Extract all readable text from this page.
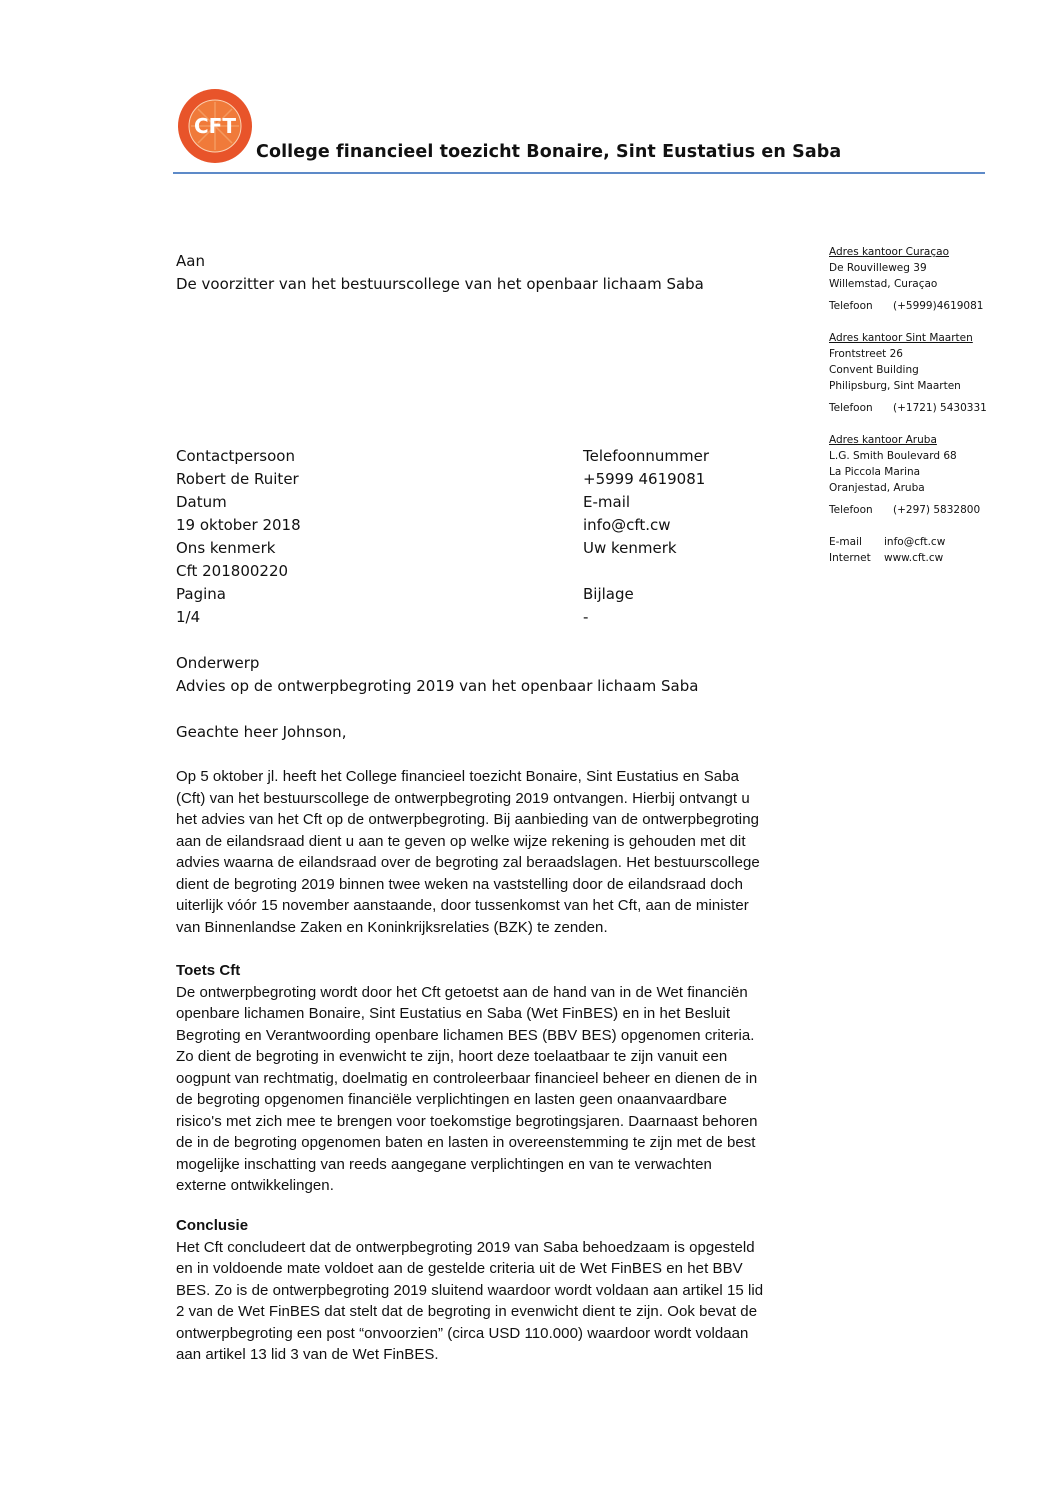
CFT
College financieel toezicht Bonaire, Sint Eustatius en Saba
Aan
De voorzitter van het bestuurscollege van het openbaar lichaam Saba
Contactpersoon
Robert de Ruiter
Datum
19 oktober 2018
Ons kenmerk
Cft 201800220
Pagina
1/4
Telefoonnummer
+5999 4619081
E-mail
info@cft.cw
Uw kenmerk
Bijlage
-
Onderwerp
Advies op de ontwerpbegroting 2019 van het openbaar lichaam Saba
Geachte heer Johnson,
Op 5 oktober jl. heeft het College financieel toezicht Bonaire, Sint Eustatius en Saba
(Cft) van het bestuurscollege de ontwerpbegroting 2019 ontvangen. Hierbij ontvangt u
het advies van het Cft op de ontwerpbegroting. Bij aanbieding van de ontwerpbegroting
aan de eilandsraad dient u aan te geven op welke wijze rekening is gehouden met dit
advies waarna de eilandsraad over de begroting zal beraadslagen. Het bestuurscollege
dient de begroting 2019 binnen twee weken na vaststelling door de eilandsraad doch
uiterlijk vóór 15 november aanstaande, door tussenkomst van het Cft, aan de minister
van Binnenlandse Zaken en Koninkrijksrelaties (BZK) te zenden.
Toets Cft
De ontwerpbegroting wordt door het Cft getoetst aan de hand van in de Wet financiën
openbare lichamen Bonaire, Sint Eustatius en Saba (Wet FinBES) en in het Besluit
Begroting en Verantwoording openbare lichamen BES (BBV BES) opgenomen criteria.
Zo dient de begroting in evenwicht te zijn, hoort deze toelaatbaar te zijn vanuit een
oogpunt van rechtmatig, doelmatig en controleerbaar financieel beheer en dienen de in
de begroting opgenomen financiële verplichtingen en lasten geen onaanvaardbare
risico's met zich mee te brengen voor toekomstige begrotingsjaren. Daarnaast behoren
de in de begroting opgenomen baten en lasten in overeenstemming te zijn met de best
mogelijke inschatting van reeds aangegane verplichtingen en van te verwachten
externe ontwikkelingen.
Conclusie
Het Cft concludeert dat de ontwerpbegroting 2019 van Saba behoedzaam is opgesteld
en in voldoende mate voldoet aan de gestelde criteria uit de Wet FinBES en het BBV
BES. Zo is de ontwerpbegroting 2019 sluitend waardoor wordt voldaan aan artikel 15 lid
2 van de Wet FinBES dat stelt dat de begroting in evenwicht dient te zijn. Ook bevat de
ontwerpbegroting een post “onvoorzien” (circa USD 110.000) waardoor wordt voldaan
aan artikel 13 lid 3 van de Wet FinBES.
Adres kantoor Curaçao
De Rouvilleweg 39
Willemstad, Curaçao
Telefoon (+5999)4619081
Adres kantoor Sint Maarten
Frontstreet 26
Convent Building
Philipsburg, Sint Maarten
Telefoon (+1721) 5430331
Adres kantoor Aruba
L.G. Smith Boulevard 68
La Piccola Marina
Oranjestad, Aruba
Telefoon (+297) 5832800
E-mail info@cft.cw
Internet www.cft.cw
